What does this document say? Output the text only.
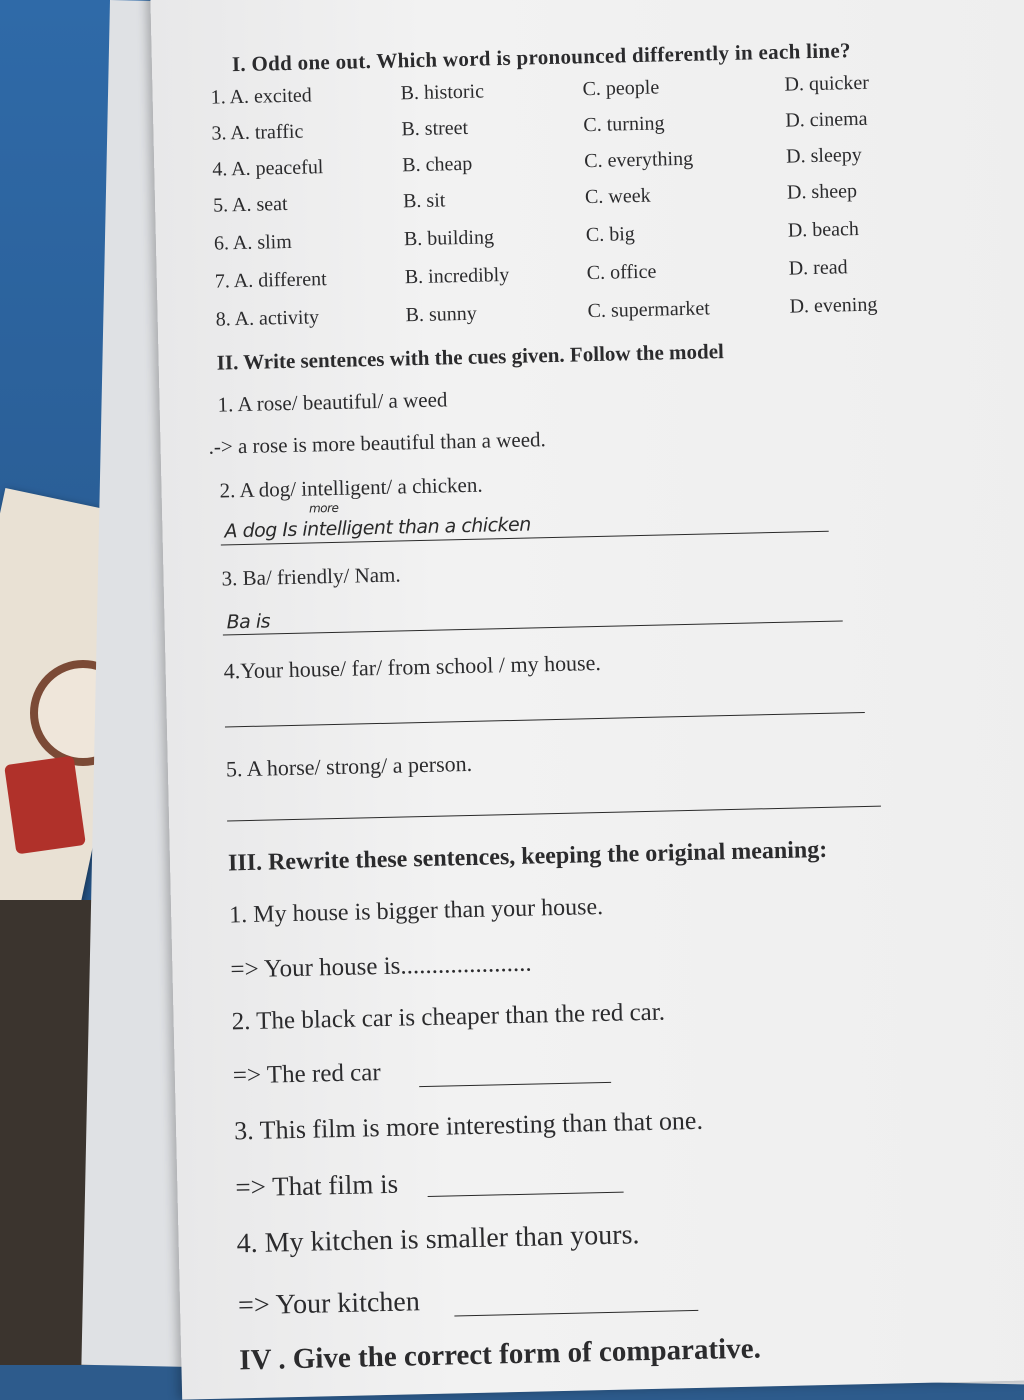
I. Odd one out. Which word is pronounced differently in each line?

1. A. excited	B. historic	C. people	D. quicker

3. A. traffic	B. street	C. turning	D. cinema

4. A. peaceful	B. cheap	C. everything	D. sleepy

5. A. seat	B. sit	C. week	D. sheep

6. A. slim	B. building	C. big	D. beach

7. A. different	B. incredibly	C. office	D. read

8. A. activity	B. sunny	C. supermarket	D. evening

II. Write sentences with the cues given. Follow the model

1. A rose/ beautiful/ a weed

.-> a rose is more beautiful than a weed.

2. A dog/ intelligent/ a chicken.

more
A dog Is intelligent than a chicken

3. Ba/ friendly/ Nam.

Ba is

4.Your house/ far/ from school / my house.

5. A horse/ strong/ a person.

III. Rewrite these sentences, keeping the original meaning:

1. My house is bigger than your house.

=> Your house is.....................

2. The black car is cheaper than the red car.

=> The red car

3. This film is more interesting than that one.

=> That film is

4. My kitchen is smaller than yours.

=> Your kitchen

IV . Give the correct form of comparative.
